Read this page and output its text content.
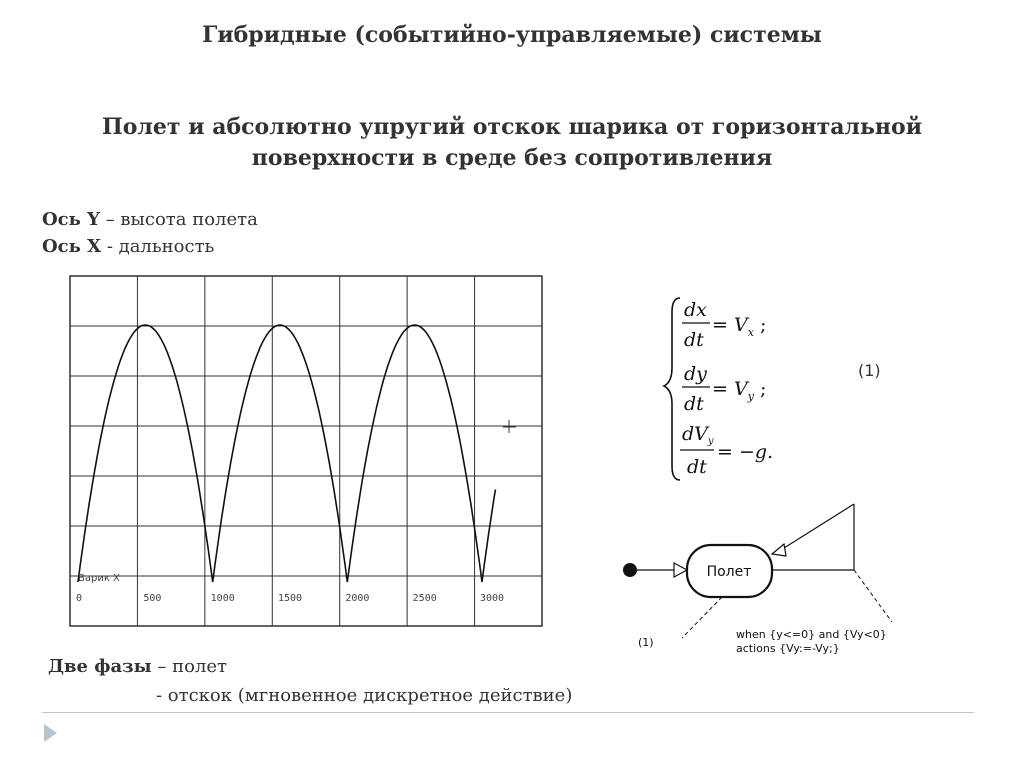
Гибридные (событийно-управляемые) системы
Полет и абсолютно упругий отскок шарика от горизонтальной
поверхности в среде без сопротивления
Ось Y – высота полета
Ось X - дальность
0	500	1000	1500	2000	2500	3000
Варик X
dx
dt
= $V_x$ ;
dy
dt
= $V_y$ ;
$dV_y$
dt
= −g.
(1)
Полет
(1)
when {y<=0} and {Vy<0}
actions {Vy:=-Vy;}
Две фазы – полет
- отскок (мгновенное дискретное действие)
